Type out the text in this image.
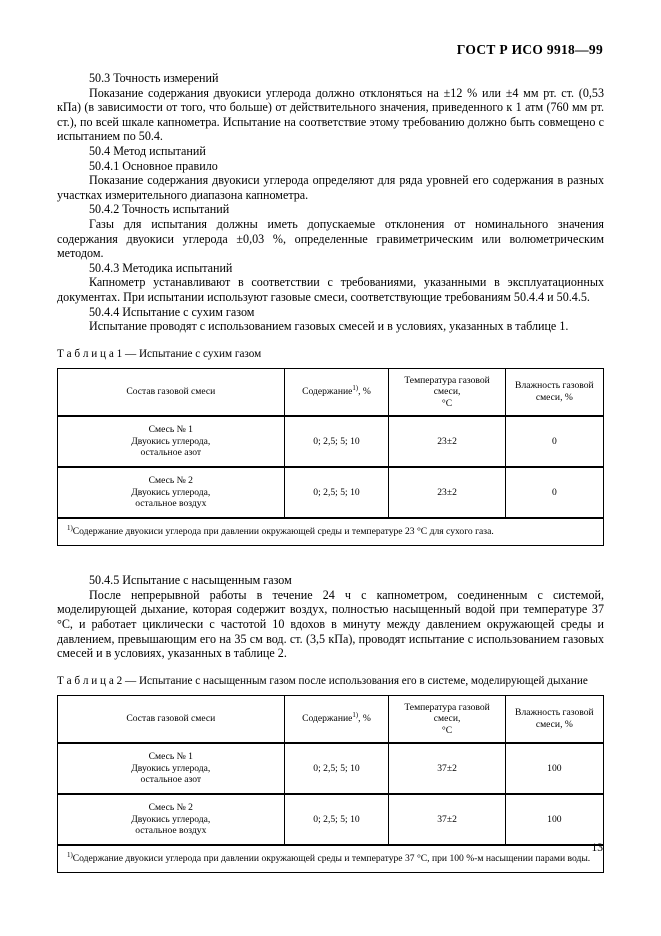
ГОСТ Р ИСО 9918—99

50.3 Точность измерений

Показание содержания двуокиси углерода должно отклоняться на ±12 % или ±4 мм рт. ст. (0,53 кПа) (в зависимости от того, что больше) от действительного значения, приведенного к 1 атм (760 мм рт. ст.), по всей шкале капнометра. Испытание на соответствие этому требованию должно быть совмещено с испытанием по 50.4.

50.4 Метод испытаний

50.4.1 Основное правило

Показание содержания двуокиси углерода определяют для ряда уровней его содержания в разных участках измерительного диапазона капнометра.

50.4.2 Точность испытаний

Газы для испытания должны иметь допускаемые отклонения от номинального значения содержания двуокиси углерода ±0,03 %, определенные гравиметрическим или волюметрическим методом.

50.4.3 Методика испытаний

Капнометр устанавливают в соответствии с требованиями, указанными в эксплуатационных документах. При испытании используют газовые смеси, соответствующие требованиям 50.4.4 и 50.4.5.

50.4.4 Испытание с сухим газом

Испытание проводят с использованием газовых смесей и в условиях, указанных в таблице 1.

Т а б л и ц а 1 — Испытание с сухим газом

Состав газовой смеси	Содержание$^{1)}$, %	Температура газовой смеси,
°С	Влажность газовой смеси, %
Смесь № 1
Двуокись углерода,
остальное азот	0; 2,5; 5; 10	23±2	0
Смесь № 2
Двуокись углерода,
остальное воздух	0; 2,5; 5; 10	23±2	0
$^{1)}$Содержание двуокиси углерода при давлении окружающей среды и температуре 23 °С для сухого газа.			

50.4.5 Испытание с насыщенным газом

После непрерывной работы в течение 24 ч с капнометром, соединенным с системой, моделирующей дыхание, которая содержит воздух, полностью насыщенный водой при температуре 37 °С, и работает циклически с частотой 10 вдохов в минуту между давлением окружающей среды и давлением, превышающим его на 35 см вод. ст. (3,5 кПа), проводят испытание с использованием газовых смесей и в условиях, указанных в таблице 2.

Т а б л и ц а 2 — Испытание с насыщенным газом после использования его в системе, моделирующей дыхание

Состав газовой смеси	Содержание$^{1)}$, %	Температура газовой смеси,
°С	Влажность газовой смеси, %
Смесь № 1
Двуокись углерода,
остальное азот	0; 2,5; 5; 10	37±2	100
Смесь № 2
Двуокись углерода,
остальное воздух	0; 2,5; 5; 10	37±2	100
$^{1)}$Содержание двуокиси углерода при давлении окружающей среды и температуре 37 °С, при 100 %-м насыщении парами воды.			
13
